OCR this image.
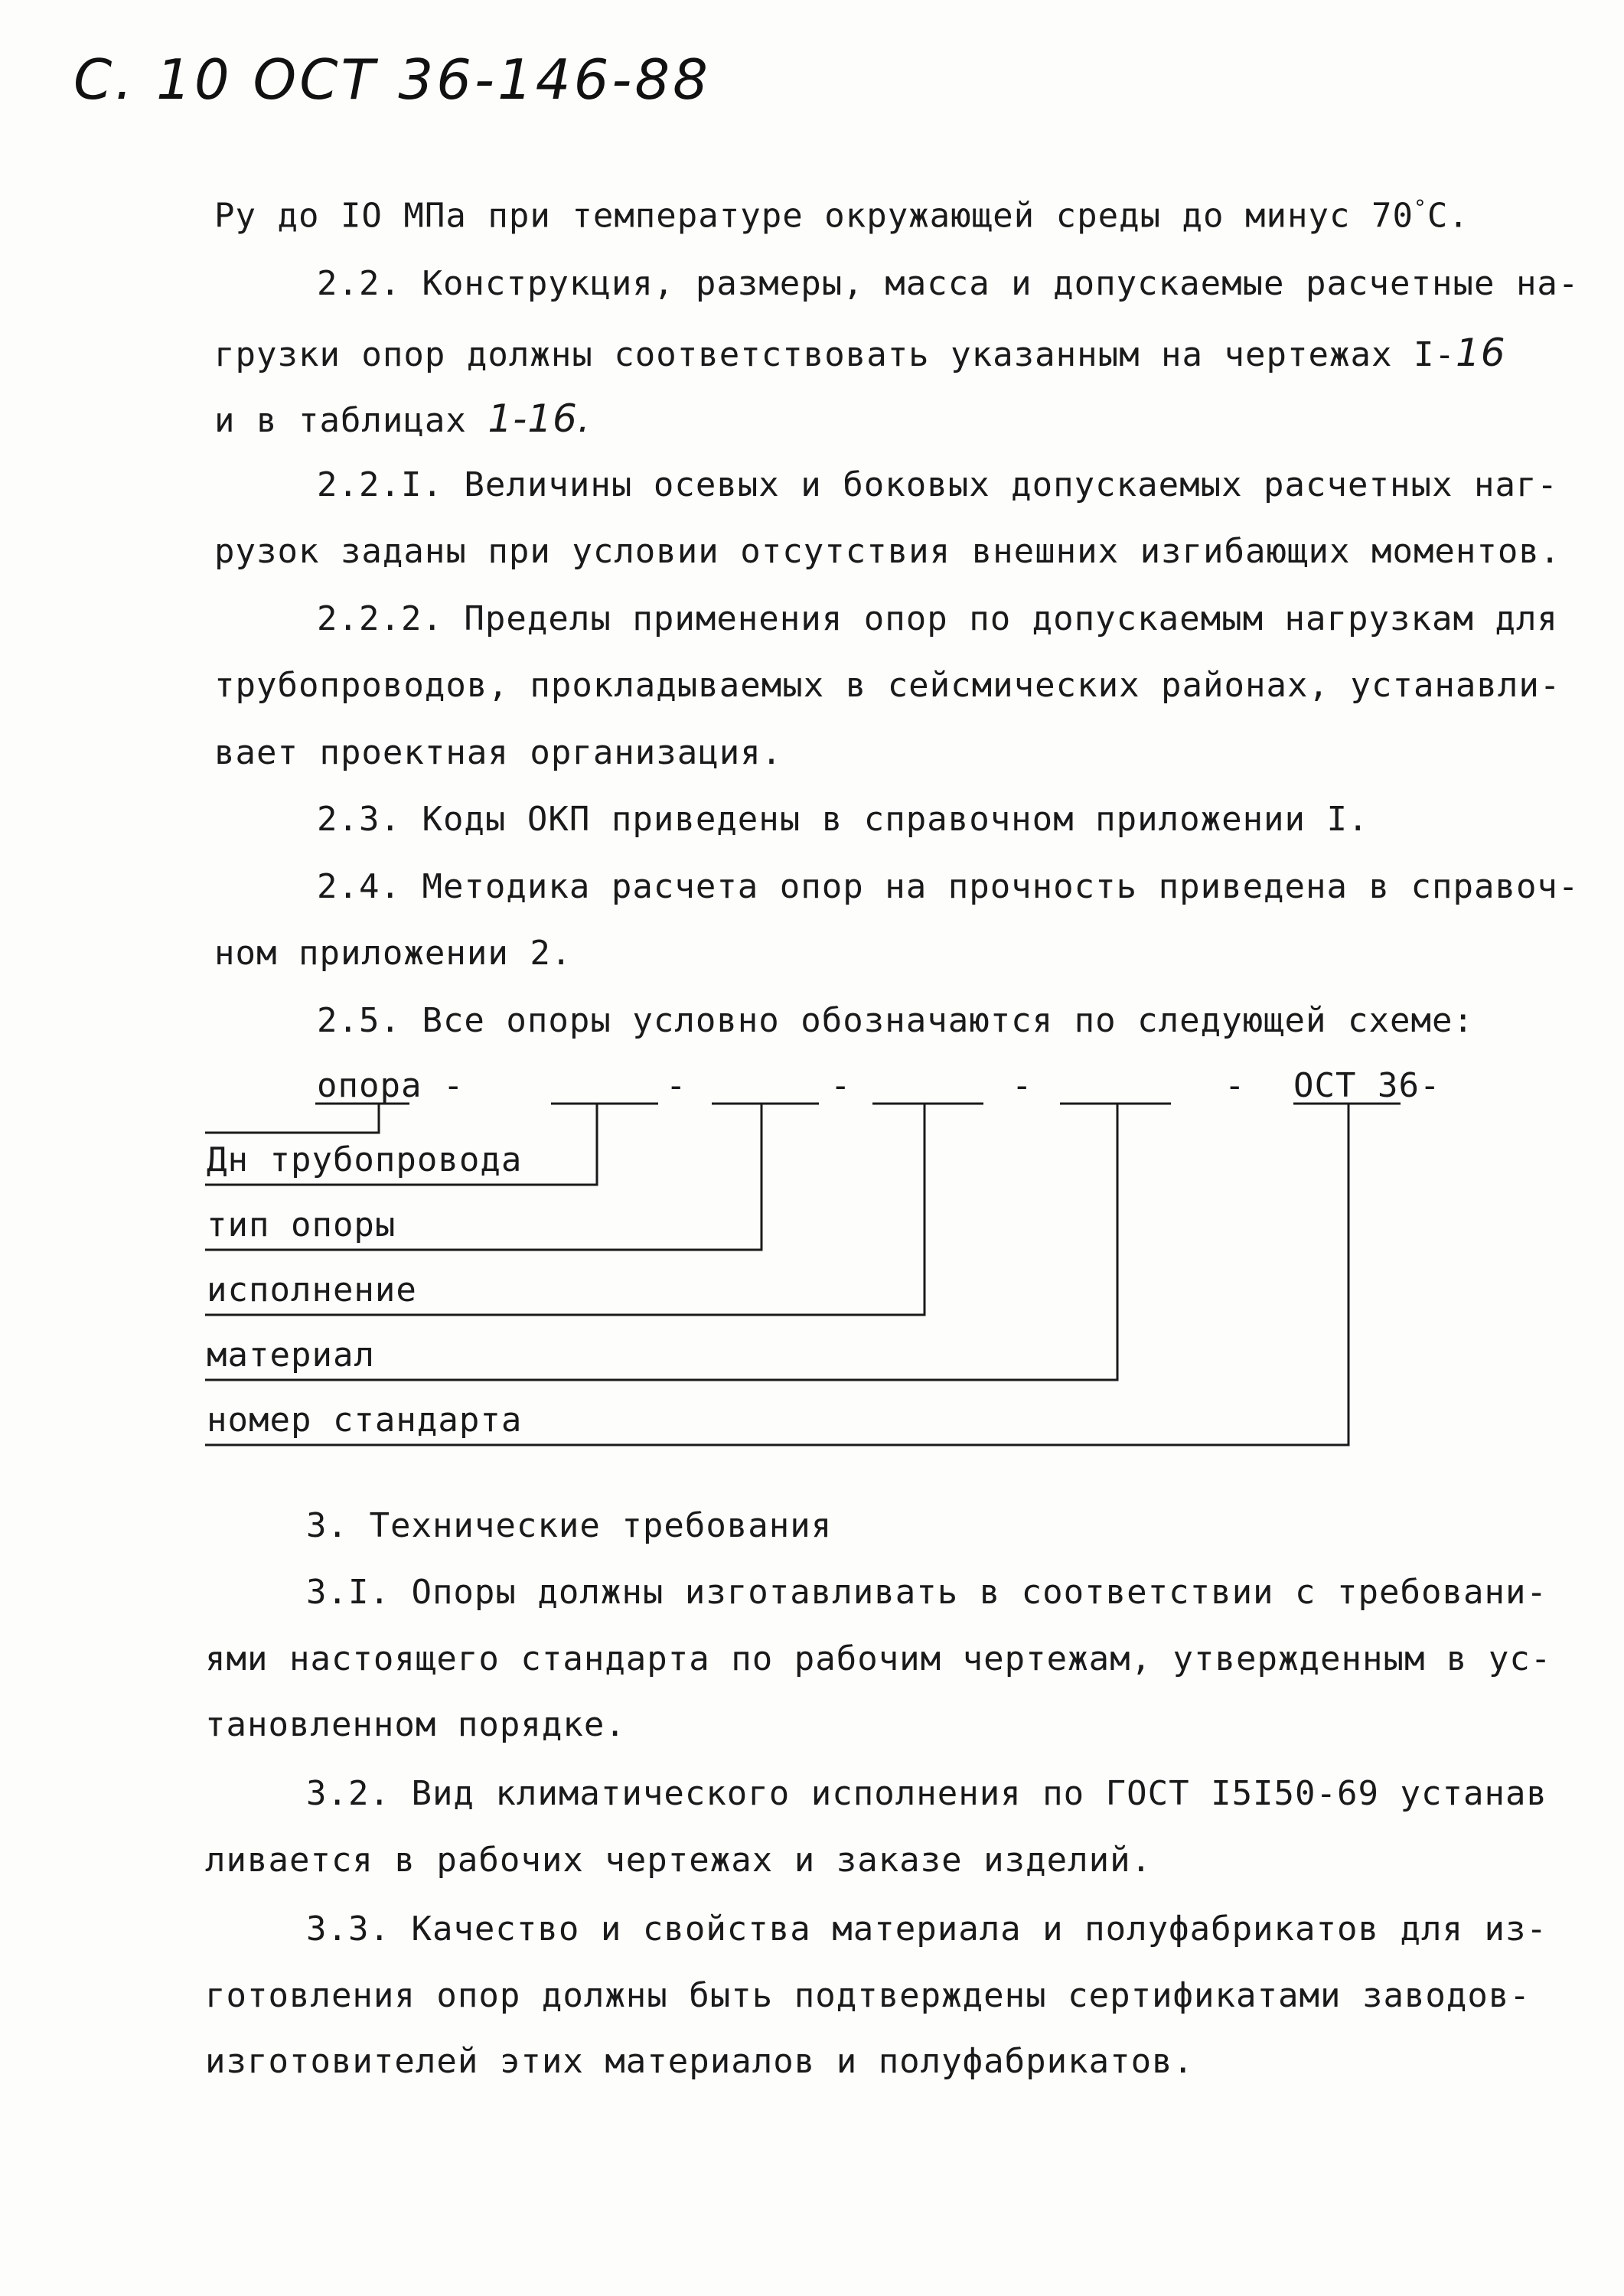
С. 10 ОСТ 36-146-88
Ру до IO МПа при температуре окружающей среды до минус 70°С.
2.2. Конструкция, размеры, масса и допускаемые расчетные на-
грузки опор должны соответствовать указанным на чертежах I-16
и в таблицах 1-16.
2.2.I. Величины осевых и боковых допускаемых расчетных наг-
рузок заданы при условии отсутствия внешних изгибающих моментов.
2.2.2. Пределы применения опор по допускаемым нагрузкам для
трубопроводов, прокладываемых в сейсмических районах, устанавли-
вает проектная организация.
2.3. Коды ОКП приведены в справочном приложении I.
2.4. Методика расчета опор на прочность приведена в справоч-
ном приложении 2.
2.5. Все опоры условно обозначаются по следующей схеме:
опора -	-	-	-	- ОСТ 36-
Дн трубопровода
тип опоры
исполнение
материал
номер стандарта
3. Технические требования
3.I. Опоры должны изготавливать в соответствии с требовани-
ями настоящего стандарта по рабочим чертежам, утвержденным в ус-
тановленном порядке.
3.2. Вид климатического исполнения по ГОСТ I5I50-69 устанав
ливается в рабочих чертежах и заказе изделий.
3.3. Качество и свойства материала и полуфабрикатов для из-
готовления опор должны быть подтверждены сертификатами заводов-
изготовителей этих материалов и полуфабрикатов.
